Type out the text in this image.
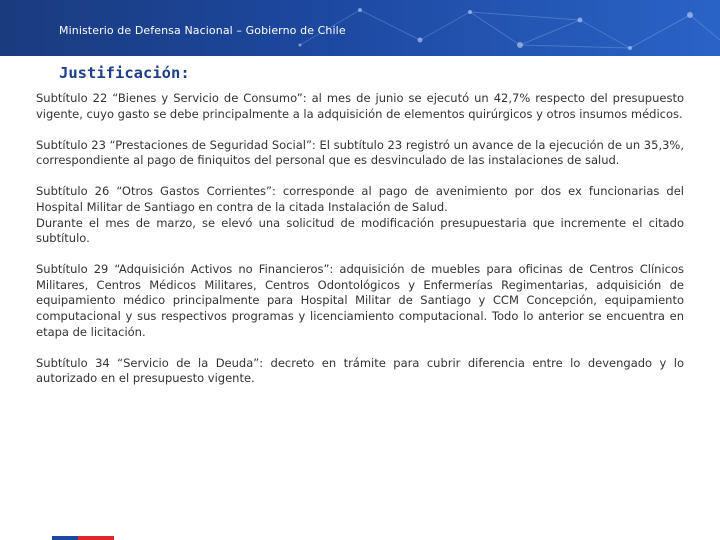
Ministerio de Defensa Nacional – Gobierno de Chile
Justificación:

Subtítulo 22 “Bienes y Servicio de Consumo”: al mes de junio se ejecutó un 42,7% respecto del presupuesto vigente, cuyo gasto se debe principalmente a la adquisición de elementos quirúrgicos y otros insumos médicos.

Subtítulo 23 “Prestaciones de Seguridad Social”: El subtítulo 23 registró un avance de la ejecución de un 35,3%, correspondiente al pago de finiquitos del personal que es desvinculado de las instalaciones de salud.

Subtítulo 26 “Otros Gastos Corrientes”: corresponde al pago de avenimiento por dos ex funcionarias del Hospital Militar de Santiago en contra de la citada Instalación de Salud.
Durante el mes de marzo, se elevó una solicitud de modificación presupuestaria que incremente el citado subtítulo.

Subtítulo 29 “Adquisición Activos no Financieros”: adquisición de muebles para oficinas de Centros Clínicos Militares, Centros Médicos Militares, Centros Odontológicos y Enfermerías Regimentarias, adquisición de equipamiento médico principalmente para Hospital Militar de Santiago y CCM Concepción, equipamiento computacional y sus respectivos programas y licenciamiento computacional. Todo lo anterior se encuentra en etapa de licitación.

Subtítulo 34 “Servicio de la Deuda”: decreto en trámite para cubrir diferencia entre lo devengado y lo autorizado en el presupuesto vigente.
